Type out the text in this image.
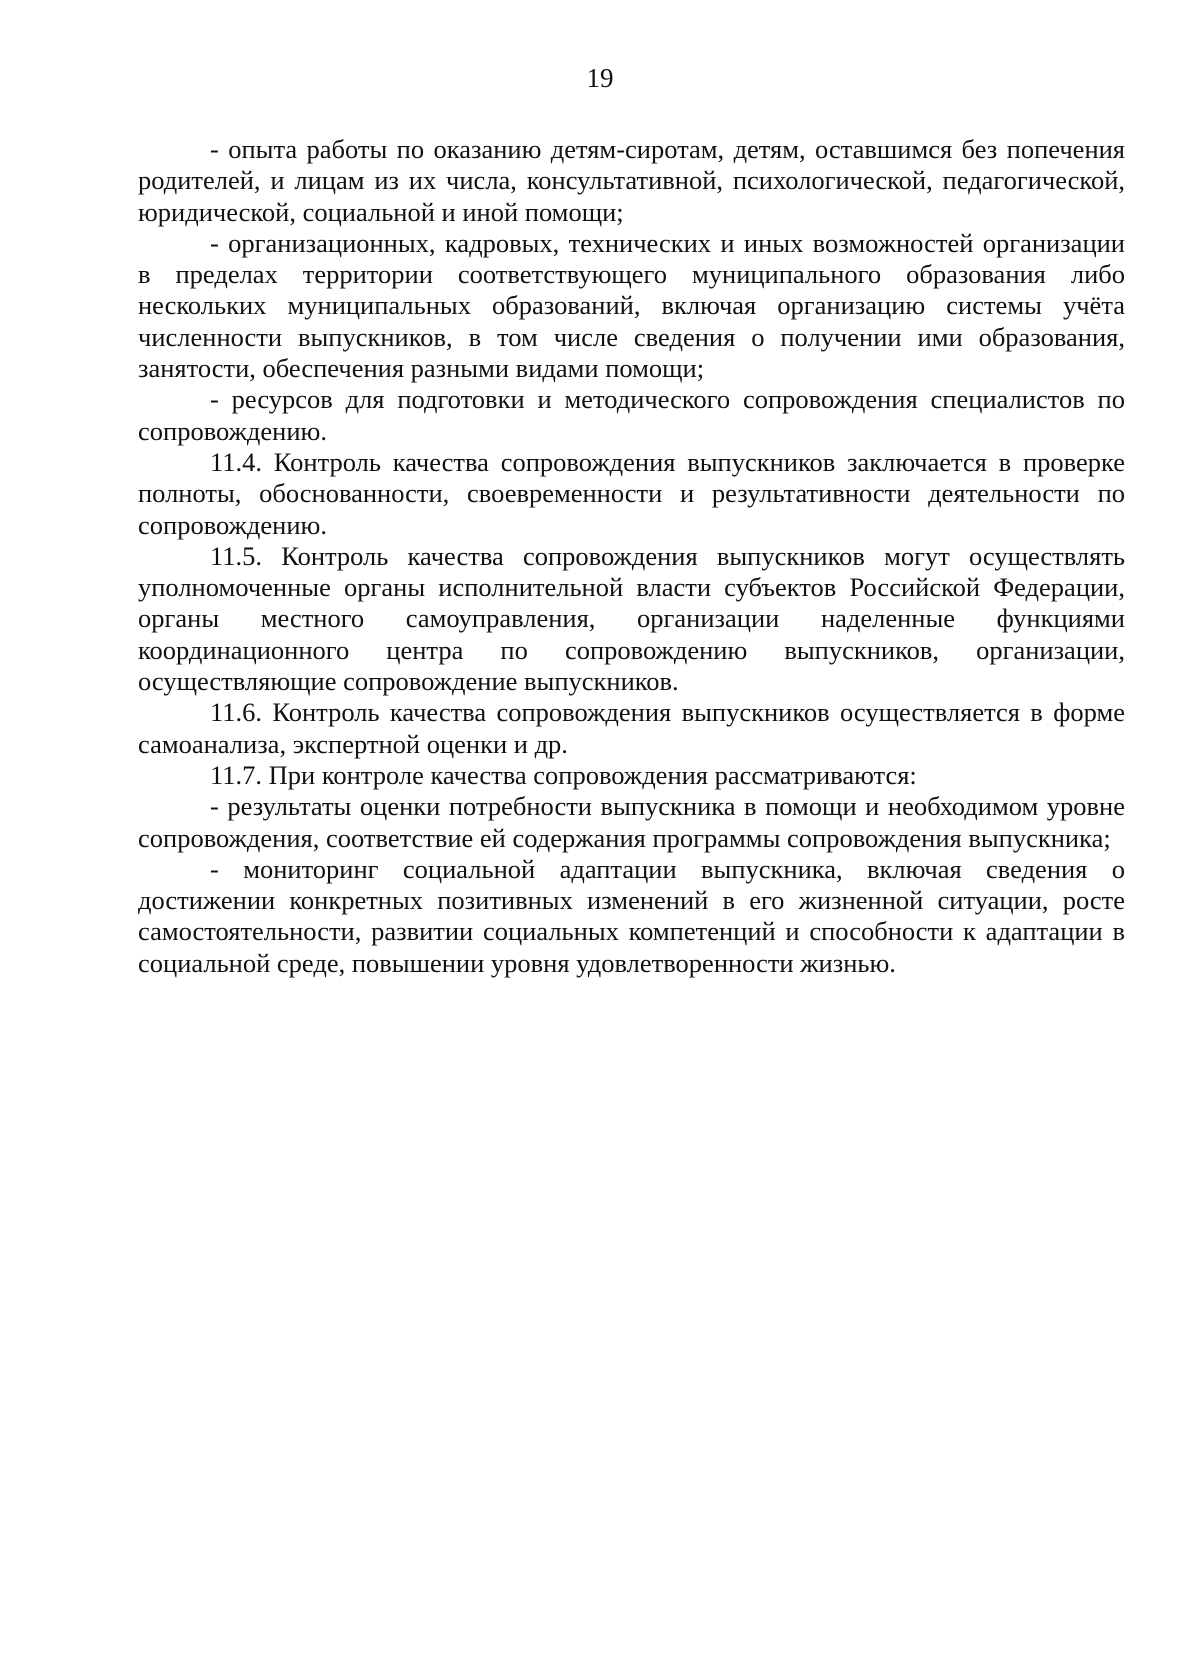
19

- опыта работы по оказанию детям-сиротам, детям, оставшимся без попечения родителей, и лицам из их числа, консультативной, психологической, педагогической, юридической, социальной и иной помощи;

- организационных, кадровых, технических и иных возможностей организации в пределах территории соответствующего муниципального образования либо нескольких муниципальных образований, включая организацию системы учёта численности выпускников, в том числе сведения о получении ими образования, занятости, обеспечения разными видами помощи;

- ресурсов для подготовки и методического сопровождения специалистов по сопровождению.

11.4. Контроль качества сопровождения выпускников заключается в проверке полноты, обоснованности, своевременности и результативности деятельности по сопровождению.

11.5. Контроль качества сопровождения выпускников могут осуществлять уполномоченные органы исполнительной власти субъектов Российской Федерации, органы местного самоуправления, организации наделенные функциями координационного центра по сопровождению выпускников, организации, осуществляющие сопровождение выпускников.

11.6. Контроль качества сопровождения выпускников осуществляется в форме самоанализа, экспертной оценки и др.

11.7. При контроле качества сопровождения рассматриваются:

- результаты оценки потребности выпускника в помощи и необходимом уровне сопровождения, соответствие ей содержания программы сопровождения выпускника;

- мониторинг социальной адаптации выпускника, включая сведения о достижении конкретных позитивных изменений в его жизненной ситуации, росте самостоятельности, развитии социальных компетенций и способности к адаптации в социальной среде, повышении уровня удовлетворенности жизнью.
